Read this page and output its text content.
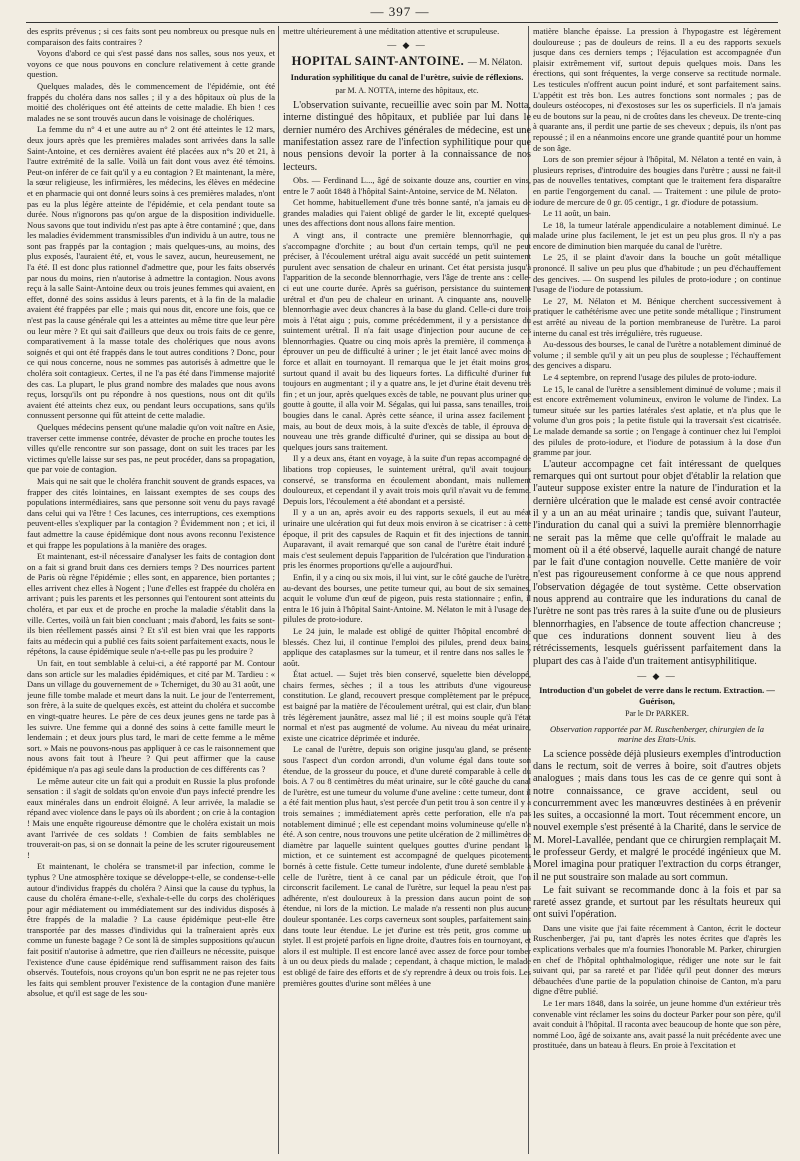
— 397 —

des esprits prévenus ; si ces faits sont peu nombreux ou presque nuls en comparaison des faits contraires ?

Voyons d'abord ce qui s'est passé dans nos salles, sous nos yeux, et voyons ce que nous pouvons en conclure relativement à cette grande question.

Quelques malades, dès le commencement de l'épidémie, ont été frappés du choléra dans nos salles ; il y a des hôpitaux où plus de la moitié des cholériques ont été atteints de cette maladie. Eh bien ! ces malades ne se sont trouvés aucun dans le voisinage de cholériques.

La femme du n° 4 et une autre au n° 2 ont été atteintes le 12 mars, deux jours après que les premières malades sont arrivées dans la salle Saint-Antoine, et ces dernières avaient été placées aux n°s 20 et 21, à l'autre extrémité de la salle. Voilà un fait dont vous avez été témoins. Peut-on inférer de ce fait qu'il y a eu contagion ? Et maintenant, la mère, la sœur religieuse, les infirmières, les médecins, les élèves en médecine et en pharmacie qui ont donné leurs soins à ces premières malades, n'ont pas eu la plus légère atteinte de l'épidémie, et cela pendant toute sa durée. Nous n'ignorons pas qu'on argue de la disposition individuelle. Nous savons que tout individu n'est pas apte à être contaminé ; que, dans les maladies évidemment transmissibles d'un individu à un autre, tous ne sont pas frappés par la contagion ; mais quelques-uns, au moins, des plus exposés, l'auraient été, et, vous le savez, aucun, heureusement, ne l'a été. Il est donc plus rationnel d'admettre que, pour les faits observés par nous du moins, rien n'autorise à admettre la contagion. Nous avons reçu à la salle Saint-Antoine deux ou trois jeunes femmes qui avaient, en effet, donné des soins assidus à leurs parents, et à la fin de la maladie avaient été frappées par elle ; mais qui nous dit, encore une fois, que ce n'est pas la cause générale qui les a atteintes au même titre que leur père ou leur mère ? Et qui sait d'ailleurs que deux ou trois faits de ce genre, comparativement à la masse totale des cholériques que nous avons soignés et qui ont été frappés dans le tout autres conditions ? Donc, pour ce qui nous concerne, nous ne sommes pas autorisés à admettre que le choléra soit contagieux. Certes, il ne l'a pas été dans l'immense majorité des cas. La plupart, le plus grand nombre des malades que nous avons reçus, lorsqu'ils ont pu répondre à nos questions, nous ont dit qu'ils avaient été atteints chez eux, ou pendant leurs occupations, sans qu'ils connussent personne qui fût atteint de cette maladie.

Quelques médecins pensent qu'une maladie qu'on voit naître en Asie, traverser cette immense contrée, dévaster de proche en proche toutes les villes qu'elle rencontre sur son passage, dont on suit les traces par les victimes qu'elle laisse sur ses pas, ne peut procéder, dans sa propagation, que par voie de contagion.

Mais qui ne sait que le choléra franchit souvent de grands espaces, va frapper des cités lointaines, en laissant exemptes de ses coups des populations intermédiaires, sans que personne soit venu du pays ravagé dans celui qui va l'être ! Ces lacunes, ces interruptions, ces exemptions peuvent-elles s'expliquer par la contagion ? Évidemment non ; et ici, il faut admettre la cause épidémique dont nous avons reconnu l'existence et qui frappe les populations à la manière des orages.

Et maintenant, est-il nécessaire d'analyser les faits de contagion dont on a fait si grand bruit dans ces derniers temps ? Des nourrices partent de Paris où règne l'épidémie ; elles sont, en apparence, bien portantes ; elles arrivent chez elles à Nogent ; l'une d'elles est frappée du choléra en arrivant ; puis les parents et les personnes qui l'entourent sont atteints du choléra, et par eux et de proche en proche la maladie s'établit dans la ville. Certes, voilà un fait bien concluant ; mais d'abord, les faits se sont-ils bien réellement passés ainsi ? Et s'il est bien vrai que les rapports faits au médecin qui a publié ces faits soient parfaitement exacts, nous le répétons, la cause épidémique seule n'a-t-elle pas pu les produire ?

Un fait, en tout semblable à celui-ci, a été rapporté par M. Contour dans son article sur les maladies épidémiques, et cité par M. Tardieu : « Dans un village du gouvernement de » Tcherniget, du 30 au 31 août, une jeune fille tombe malade et meurt dans la nuit. Le jour de l'enterrement, son frère, à la suite de quelques excès, est atteint du choléra et succombe en vingt-quatre heures. Le père de ces deux jeunes gens ne tarde pas à les suivre. Une femme qui a donné des soins à cette famille meurt le lendemain ; et deux jours plus tard, le mari de cette femme a le même sort. » Mais ne pouvons-nous pas appliquer à ce cas le raisonnement que nous avons fait tout à l'heure ? Qui peut affirmer que la cause épidémique n'a pas agi seule dans la production de ces différents cas ?

Le même auteur cite un fait qui a produit en Russie la plus profonde sensation : il s'agit de soldats qu'on envoie d'un pays infecté prendre les eaux minérales dans un endroit éloigné. A leur arrivée, la maladie se répand avec violence dans le pays où ils abordent ; on crie à la contagion ! Mais une enquête rigoureuse démontre que le choléra existait un mois avant l'arrivée de ces soldats ! Combien de faits semblables ne trouverait-on pas, si on se donnait la peine de les scruter rigoureusement !

Et maintenant, le choléra se transmet-il par infection, comme le typhus ? Une atmosphère toxique se développe-t-elle, se condense-t-elle autour d'individus frappés du choléra ? Ainsi que la cause du typhus, la cause du choléra émane-t-elle, s'exhale-t-elle du corps des cholériques pour agir médiatement ou immédiatement sur des individus disposés à être frappés de la maladie ? La cause épidémique peut-elle être transportée par des masses d'individus qui la traîneraient après eux comme un funeste bagage ? Ce sont là de simples suppositions qu'aucun fait positif n'autorise à admettre, que rien d'ailleurs ne nécessite, puisque l'existence d'une cause épidémique rend suffisamment raison des faits observés. Toutefois, nous croyons qu'un bon esprit ne ne pas rejeter tous les faits qui semblent prouver l'existence de la contagion d'une manière absolue, et qu'il est sage de les sou-

mettre ultérieurement à une méditation attentive et scrupuleuse.

— ◆ —
HOPITAL SAINT-ANTOINE. — M. Nélaton.
Induration syphilitique du canal de l'urètre, suivie de réflexions.
par M. A. NOTTA, interne des hôpitaux, etc.

L'observation suivante, recueillie avec soin par M. Notta, interne distingué des hôpitaux, et publiée par lui dans le dernier numéro des Archives générales de médecine, est une manifestation assez rare de l'infection syphilitique pour que nous pensions devoir la porter à la connaissance de nos lecteurs.

Obs. — Ferdinand L..., âgé de soixante douze ans, courtier en vins, entre le 7 août 1848 à l'hôpital Saint-Antoine, service de M. Nélaton.

Cet homme, habituellement d'une très bonne santé, n'a jamais eu de grandes maladies qui l'aient obligé de garder le lit, excepté quelques-unes des affections dont nous allons faire mention.

A vingt ans, il contracte une première blennorrhagie, qui s'accompagne d'orchite ; au bout d'un certain temps, qu'il ne peut préciser, à l'écoulement urétral aigu avait succédé un petit suintement purulent avec sensation de chaleur en urinant. Cet état persista jusqu'à l'apparition de la seconde blennorrhagie, vers l'âge de trente ans : celle-ci eut une courte durée. Après sa guérison, persistance du suintement urétral et d'un peu de chaleur en urinant. A cinquante ans, nouvelle blennorrhagie avec deux chancres à la base du gland. Celle-ci dure trois mois à l'état aigu ; puis, comme précédemment, il y a persistance du suintement urétral. Il n'a fait usage d'injection pour aucune de ces blennorrhagies. Quatre ou cinq mois après la première, il commença à éprouver un peu de difficulté à uriner ; le jet était lancé avec moins de force et allait en tournoyant. Il remarqua que le jet était moins gros, surtout quand il avait bu des liqueurs fortes. La difficulté d'uriner fut toujours en augmentant ; il y a quatre ans, le jet d'urine était devenu très fin ; et un jour, après quelques excès de table, ne pouvant plus uriner que goutte à goutte, il alla voir M. Ségalas, qui lui passa, sans tenailles, trois bougies dans le canal. Après cette séance, il urina assez facilement ; mais, au bout de deux mois, à la suite d'excès de table, il éprouva de nouveau une très grande difficulté d'uriner, qui se dissipa au bout de quelques jours sans traitement.

Il y a deux ans, étant en voyage, à la suite d'un repas accompagné de libations trop copieuses, le suintement urétral, qu'il avait toujours conservé, se transforma en écoulement abondant, mais nullement douloureux, et cependant il y avait trois mois qu'il n'avait vu de femme. Depuis lors, l'écoulement a été abondant et a persisté.

Il y a un an, après avoir eu des rapports sexuels, il eut au méat urinaire une ulcération qui fut deux mois environ à se cicatriser : à cette époque, il prit des capsules de Raquin et fit des injections de tannin. Auparavant, il avait remarqué que son canal de l'urètre était induré ; mais c'est seulement depuis l'apparition de l'ulcération que l'induration a pris les énormes proportions qu'elle a aujourd'hui.

Enfin, il y a cinq ou six mois, il lui vint, sur le côté gauche de l'urètre, au-devant des bourses, une petite tumeur qui, au bout de six semaines, acquit le volume d'un œuf de pigeon, puis resta stationnaire ; enfin, il entra le 16 juin à l'hôpital Saint-Antoine. M. Nélaton le mit à l'usage des pilules de proto-iodure.

Le 24 juin, le malade est obligé de quitter l'hôpital encombré de blessés. Chez lui, il continue l'emploi des pilules, prend deux bains, applique des cataplasmes sur la tumeur, et il rentre dans nos salles le 7 août.

État actuel. — Sujet très bien conservé, squelette bien développé, chairs fermes, sèches ; il a tous les attributs d'une vigoureuse constitution. Le gland, recouvert presque complètement par le prépuce, est baigné par la matière de l'écoulement urétral, qui est clair, d'un blanc très légèrement jaunâtre, assez mal lié ; il est moins souple qu'à l'état normal et n'est pas augmenté de volume. Au niveau du méat urinaire, existe une cicatrice déprimée et indurée.

Le canal de l'urètre, depuis son origine jusqu'au gland, se présente sous l'aspect d'un cordon arrondi, d'un volume égal dans toute son étendue, de la grosseur du pouce, et d'une dureté comparable à celle du bois. A 7 ou 8 centimètres du méat urinaire, sur le côté gauche du canal de l'urètre, est une tumeur du volume d'une aveline : cette tumeur, dont il a été fait mention plus haut, s'est percée d'un petit trou à son centre il y a trois semaines ; immédiatement après cette perforation, elle n'a pas notablement diminué ; elle est cependant moins volumineuse qu'elle n'a été. A son centre, nous trouvons une petite ulcération de 2 millimètres de diamètre par laquelle suintent quelques gouttes d'urine pendant la miction, et ce suintement est accompagné de quelques picotements bornés à cette fistule. Cette tumeur indolente, d'une dureté semblable à celle de l'urètre, tient à ce canal par un pédicule étroit, que l'on circonscrit facilement. Le canal de l'urètre, sur lequel la peau n'est pas adhérente, n'est douloureux à la pression dans aucun point de son étendue, ni lors de la miction. Le malade n'a ressenti non plus aucune douleur spontanée. Les corps caverneux sont souples, parfaitement sains dans toute leur étendue. Le jet d'urine est très petit, gros comme un stylet. Il est projeté parfois en ligne droite, d'autres fois en tournoyant, et alors il est multiple. Il est encore lancé avec assez de force pour tomber à un ou deux pieds du malade ; cependant, à chaque miction, le malade est obligé de faire des efforts et de s'y reprendre à deux ou trois fois. Les premières gouttes d'urine sont mêlées à une

matière blanche épaisse. La pression à l'hypogastre est légèrement douloureuse ; pas de douleurs de reins. Il a eu des rapports sexuels jusque dans ces derniers temps ; l'éjaculation est accompagnée d'un plaisir extrêmement vif, surtout depuis quelques mois. Dans les érections, qui sont fréquentes, la verge conserve sa rectitude normale. Les testicules n'offrent aucun point induré, et sont parfaitement sains. L'appétit est très bon. Les autres fonctions sont normales ; pas de douleurs ostéocopes, ni d'exostoses sur les os superficiels. Il n'a jamais eu de boutons sur la peau, ni de croûtes dans les cheveux. De trente-cinq à quarante ans, il perdit une partie de ses cheveux ; depuis, ils n'ont pas repoussé ; il en a néanmoins encore une grande quantité pour un homme de son âge.

Lors de son premier séjour à l'hôpital, M. Nélaton a tenté en vain, à plusieurs reprises, d'introduire des bougies dans l'urètre ; aussi ne fait-il pas de nouvelles tentatives, comptant que le traitement fera disparaître en partie l'engorgement du canal. — Traitement : une pilule de proto-iodure de mercure de 0 gr. 05 centigr., 1 gr. d'iodure de potassium.

Le 11 août, un bain.

Le 18, la tumeur latérale appendiculaire a notablement diminué. Le malade urine plus facilement, le jet est un peu plus gros. Il n'y a pas encore de diminution bien marquée du canal de l'urètre.

Le 25, il se plaint d'avoir dans la bouche un goût métallique prononcé. Il salive un peu plus que d'habitude ; un peu d'échauffement des gencives. — On suspend les pilules de proto-iodure ; on continue l'usage de l'iodure de potassium.

Le 27, M. Nélaton et M. Bénique cherchent successivement à pratiquer le cathétérisme avec une petite sonde métallique ; l'instrument est arrêté au niveau de la portion membraneuse de l'urètre. La paroi interne du canal est très irrégulière, très rugueuse.

Au-dessous des bourses, le canal de l'urètre a notablement diminué de volume ; il semble qu'il y ait un peu plus de souplesse ; l'échauffement des gencives a disparu.

Le 4 septembre, on reprend l'usage des pilules de proto-iodure.

Le 15, le canal de l'urètre a sensiblement diminué de volume ; mais il est encore extrêmement volumineux, environ le volume de l'index. La tumeur située sur les parties latérales s'est aplatie, et n'a plus que le volume d'un gros pois ; la petite fistule qui la traversait s'est cicatrisée. Le malade demande sa sortie ; on l'engage à continuer chez lui l'emploi des pilules de proto-iodure, et l'iodure de potassium à la dose d'un gramme par jour.

L'auteur accompagne cet fait intéressant de quelques remarques qui ont surtout pour objet d'établir la relation que l'auteur suppose exister entre la nature de l'induration et la dernière ulcération que le malade est censé avoir contractée il y a un an au méat urinaire ; tandis que, suivant l'auteur, l'induration du canal qui a suivi la première blennorrhagie ne serait pas la même que celle qu'offrait le malade au moment où il a été observé, laquelle aurait changé de nature par le fait d'une contagion nouvelle. Cette manière de voir n'est pas rigoureusement conforme à ce que nous apprend l'observation dégagée de tout système. Cette observation nous apprend au contraire que les indurations du canal de l'urètre ne sont pas très rares à la suite d'une ou de plusieurs blennorrhagies, en l'absence de toute affection chancreuse ; que ces indurations donnent souvent lieu à des rétrécissements, lesquels guérissent parfaitement dans la plupart des cas à l'aide d'un traitement antisyphilitique.

— ◆ —
Introduction d'un gobelet de verre dans le rectum. Extraction. — Guérison,
Par le Dr PARKER.
Observation rapportée par M. Ruschenberger, chirurgien de la marine des Etats-Unis.

La science possède déjà plusieurs exemples d'introduction dans le rectum, soit de verres à boire, soit d'autres objets analogues ; mais dans tous les cas de ce genre qui sont à notre connaissance, ce grave accident, seul ou concurremment avec les manœuvres destinées à en prévenir les suites, a occasionné la mort. Tout récemment encore, un nouvel exemple s'est présenté à la Charité, dans le service de M. Morel-Lavallée, pendant que ce chirurgien remplaçait M. le professeur Gerdy, et malgré le procédé ingénieux que M. Morel imagina pour pratiquer l'extraction du corps étranger, il ne put soustraire son malade au sort commun.

Le fait suivant se recommande donc à la fois et par sa rareté assez grande, et surtout par les résultats heureux qui ont suivi l'opération.

Dans une visite que j'ai faite récemment à Canton, écrit le docteur Ruschenberger, j'ai pu, tant d'après les notes écrites que d'après les explications verbales que m'a fournies l'honorable M. Parker, chirurgien en chef de l'hôpital ophthalmologique, rédiger une note sur le fait suivant qui, par sa rareté et par l'idée qu'il peut donner des mœurs débauchées d'une partie de la population chinoise de Canton, m'a paru digne d'être publié.

Le 1er mars 1848, dans la soirée, un jeune homme d'un extérieur très convenable vint réclamer les soins du docteur Parker pour son père, qu'il avait conduit à l'hôpital. Il raconta avec beaucoup de honte que son père, nommé Loo, âgé de soixante ans, avait passé la nuit précédente avec une prostituée, dans un bateau à fleurs. En proie à l'excitation et
